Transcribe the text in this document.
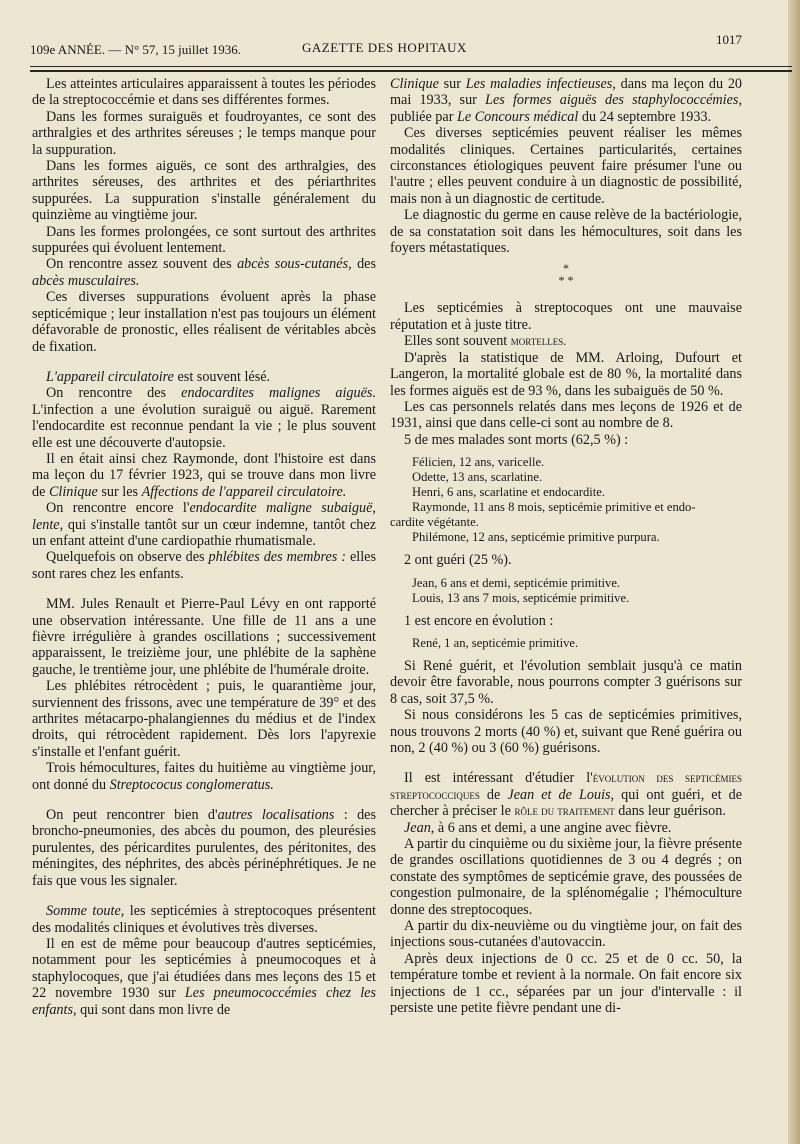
109e ANNÉE. — N° 57, 15 juillet 1936.	GAZETTE DES HOPITAUX
1017

Les atteintes articulaires apparaissent à toutes les périodes de la streptococcémie et dans ses différentes formes.

Dans les formes suraiguës et foudroyantes, ce sont des arthralgies et des arthrites séreuses ; le temps manque pour la suppuration.

Dans les formes aiguës, ce sont des arthralgies, des arthrites séreuses, des arthrites et des périarthrites suppurées. La suppuration s'installe généralement du quinzième au vingtième jour.

Dans les formes prolongées, ce sont surtout des arthrites suppurées qui évoluent lentement.

On rencontre assez souvent des abcès sous-cutanés, des abcès musculaires.

Ces diverses suppurations évoluent après la phase septicémique ; leur installation n'est pas toujours un élément défavorable de pronostic, elles réalisent de véritables abcès de fixation.

L'appareil circulatoire est souvent lésé.

On rencontre des endocardites malignes aiguës. L'infection a une évolution suraiguë ou aiguë. Rarement l'endocardite est reconnue pendant la vie ; le plus souvent elle est une découverte d'autopsie.

Il en était ainsi chez Raymonde, dont l'histoire est dans ma leçon du 17 février 1923, qui se trouve dans mon livre de Clinique sur les Affections de l'appareil circulatoire.

On rencontre encore l'endocardite maligne subaiguë, lente, qui s'installe tantôt sur un cœur indemne, tantôt chez un enfant atteint d'une cardiopathie rhumatismale.

Quelquefois on observe des phlébites des membres : elles sont rares chez les enfants.

MM. Jules Renault et Pierre-Paul Lévy en ont rapporté une observation intéressante. Une fille de 11 ans a une fièvre irrégulière à grandes oscillations ; successivement apparaissent, le treizième jour, une phlébite de la saphène gauche, le trentième jour, une phlébite de l'humérale droite.

Les phlébites rétrocèdent ; puis, le quarantième jour, surviennent des frissons, avec une température de 39° et des arthrites métacarpo-phalangiennes du médius et de l'index droits, qui rétrocèdent rapidement. Dès lors l'apyrexie s'installe et l'enfant guérit.

Trois hémocultures, faites du huitième au vingtième jour, ont donné du Streptococus conglomeratus.

On peut rencontrer bien d'autres localisations : des broncho-pneumonies, des abcès du poumon, des pleurésies purulentes, des péricardites purulentes, des péritonites, des méningites, des néphrites, des abcès périnéphrétiques. Je ne fais que vous les signaler.

Somme toute, les septicémies à streptocoques présentent des modalités cliniques et évolutives très diverses.

Il en est de même pour beaucoup d'autres septicémies, notamment pour les septicémies à pneumocoques et à staphylocoques, que j'ai étudiées dans mes leçons des 15 et 22 novembre 1930 sur Les pneumococcémies chez les enfants, qui sont dans mon livre de

Clinique sur Les maladies infectieuses, dans ma leçon du 20 mai 1933, sur Les formes aiguës des staphylococcémies, publiée par Le Concours médical du 24 septembre 1933.

Ces diverses septicémies peuvent réaliser les mêmes modalités cliniques. Certaines particularités, certaines circonstances étiologiques peuvent faire présumer l'une ou l'autre ; elles peuvent conduire à un diagnostic de possibilité, mais non à un diagnostic de certitude.

Le diagnostic du germe en cause relève de la bactériologie, de sa constatation soit dans les hémocultures, soit dans les foyers métastatiques.

*
* *

Les septicémies à streptocoques ont une mauvaise réputation et à juste titre.

Elles sont souvent mortelles.

D'après la statistique de MM. Arloing, Dufourt et Langeron, la mortalité globale est de 80 %, la mortalité dans les formes aiguës est de 93 %, dans les subaiguës de 50 %.

Les cas personnels relatés dans mes leçons de 1926 et de 1931, ainsi que dans celle-ci sont au nombre de 8.

5 de mes malades sont morts (62,5 %) :

Félicien, 12 ans, varicelle.

Odette, 13 ans, scarlatine.

Henri, 6 ans, scarlatine et endocardite.

Raymonde, 11 ans 8 mois, septicémie primitive et endo-

cardite végétante.

Philémone, 12 ans, septicémie primitive purpura.

2 ont guéri (25 %).

Jean, 6 ans et demi, septicémie primitive.

Louis, 13 ans 7 mois, septicémie primitive.

1 est encore en évolution :

René, 1 an, septicémie primitive.

Si René guérit, et l'évolution semblait jusqu'à ce matin devoir être favorable, nous pourrons compter 3 guérisons sur 8 cas, soit 37,5 %.

Si nous considérons les 5 cas de septicémies primitives, nous trouvons 2 morts (40 %) et, suivant que René guérira ou non, 2 (40 %) ou 3 (60 %) guérisons.

Il est intéressant d'étudier l'évolution des septicémies streptococciques de Jean et de Louis, qui ont guéri, et de chercher à préciser le rôle du traitement dans leur guérison.

Jean, à 6 ans et demi, a une angine avec fièvre.

A partir du cinquième ou du sixième jour, la fièvre présente de grandes oscillations quotidiennes de 3 ou 4 degrés ; on constate des symptômes de septicémie grave, des poussées de congestion pulmonaire, de la splénomégalie ; l'hémoculture donne des streptocoques.

A partir du dix-neuvième ou du vingtième jour, on fait des injections sous-cutanées d'autovaccin.

Après deux injections de 0 cc. 25 et de 0 cc. 50, la température tombe et revient à la normale. On fait encore six injections de 1 cc., séparées par un jour d'intervalle : il persiste une petite fièvre pendant une di-
